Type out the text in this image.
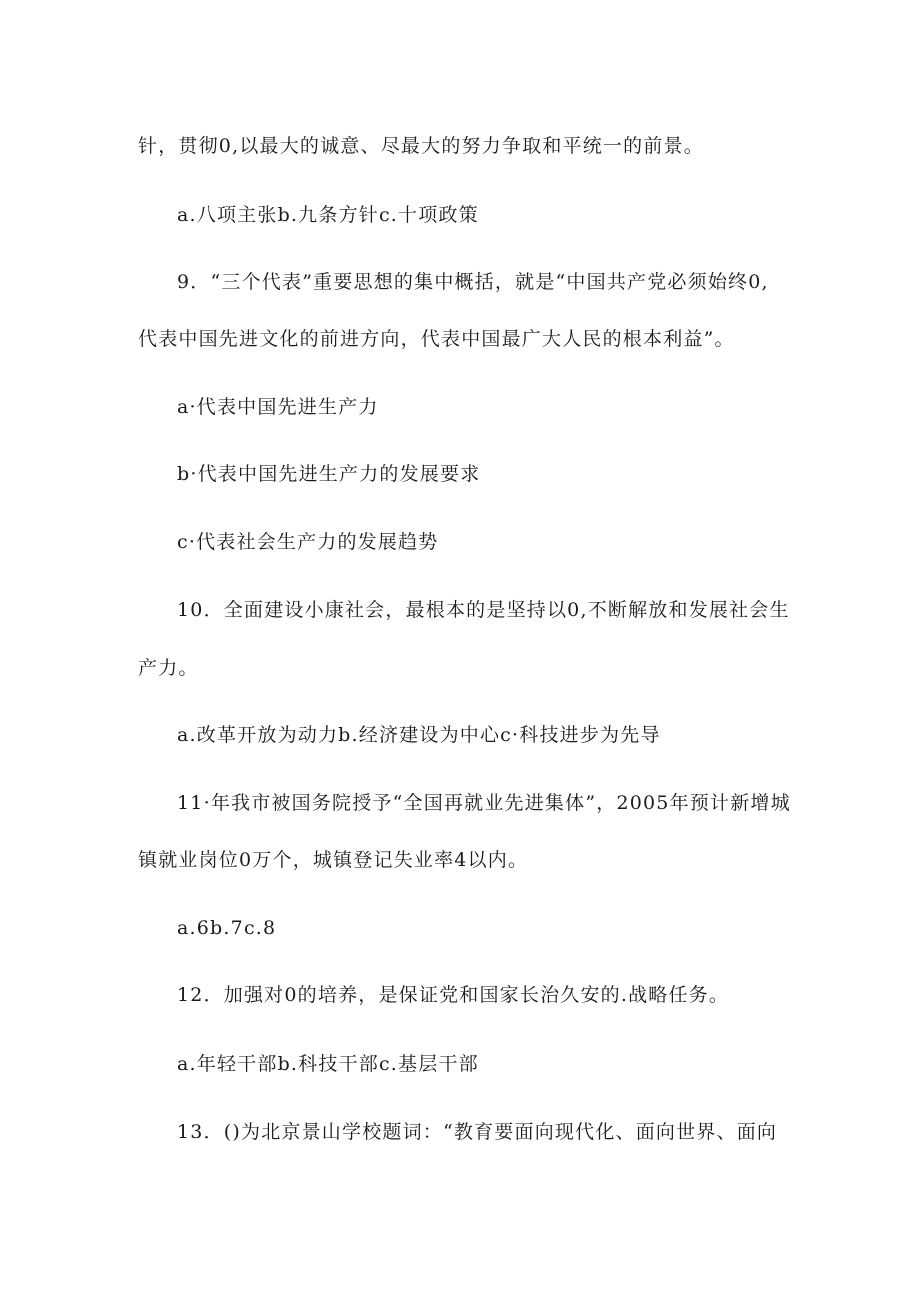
针，贯彻0,以最大的诚意、尽最大的努力争取和平统一的前景。

a.八项主张b.九条方针c.十项政策

9．“三个代表”重要思想的集中概括，就是“中国共产党必须始终0,

代表中国先进文化的前进方向，代表中国最广大人民的根本利益”。

a·代表中国先进生产力

b·代表中国先进生产力的发展要求

c·代表社会生产力的发展趋势

10．全面建设小康社会，最根本的是坚持以0,不断解放和发展社会生

产力。

a.改革开放为动力b.经济建设为中心c·科技进步为先导

11·年我市被国务院授予“全国再就业先进集体”，2005年预计新增城

镇就业岗位0万个，城镇登记失业率4以内。

a.6b.7c.8

12．加强对0的培养，是保证党和国家长治久安的.战略任务。

a.年轻干部b.科技干部c.基层干部

13．()为北京景山学校题词：“教育要面向现代化、面向世界、面向
